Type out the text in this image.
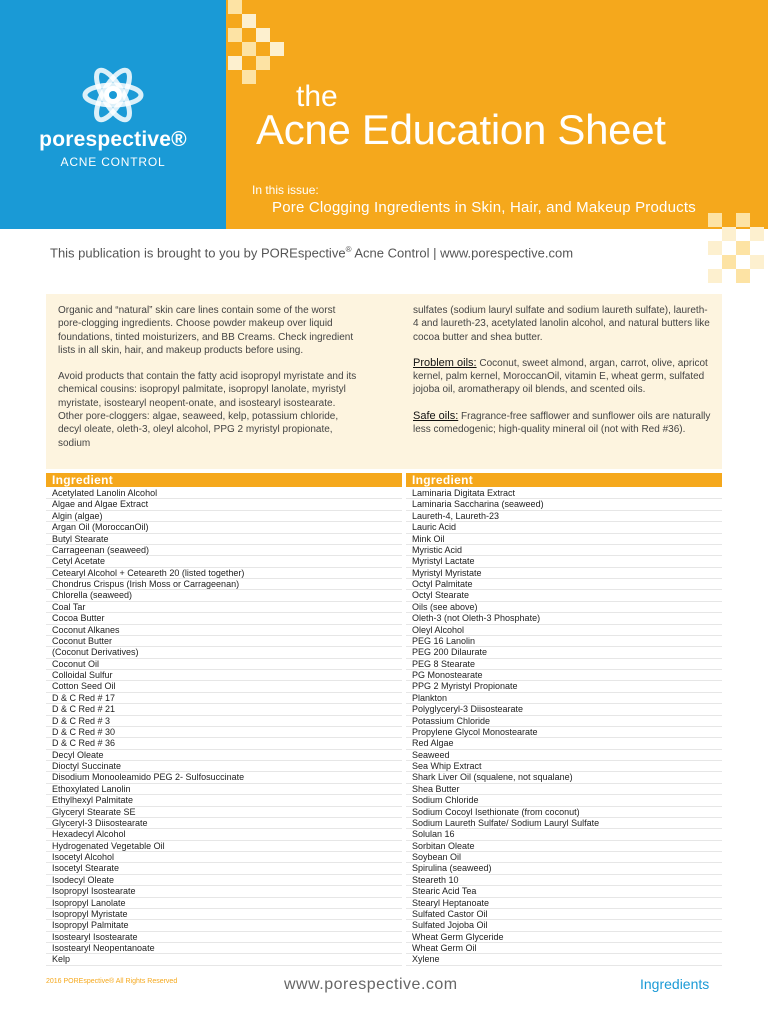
porespective®
ACNE CONTROL
the
Acne Education Sheet
In this issue:
Pore Clogging Ingredients in Skin, Hair, and Makeup Products
This publication is brought to you by POREspective® Acne Control | www.porespective.com

Organic and “natural” skin care lines contain some of the worst pore-clogging ingredients. Choose powder makeup over liquid foundations, tinted moisturizers, and BB Creams. Check ingredient lists in all skin, hair, and makeup products before using.

Avoid products that contain the fatty acid isopropyl myristate and its chemical cousins: isopropyl palmitate, isopropyl lanolate, myristyl myristate, isostearyl neopent-onate, and isostearyl isostearate. Other pore-cloggers: algae, seaweed, kelp, potassium chloride, decyl oleate, oleth-3, oleyl alcohol, PPG 2 myristyl propionate, sodium

sulfates (sodium lauryl sulfate and sodium laureth sulfate), laureth-4 and laureth-23, acetylated lanolin alcohol, and natural butters like cocoa butter and shea butter.

Problem oils: Coconut, sweet almond, argan, carrot, olive, apricot kernel, palm kernel, MoroccanOil, vitamin E, wheat germ, sulfated jojoba oil, aromatherapy oil blends, and scented oils.

Safe oils: Fragrance-free safflower and sunflower oils are naturally less comedogenic; high-quality mineral oil (not with Red #36).

Ingredient	Ingredient
Acetylated Lanolin Alcohol
Algae and Algae Extract
Algin (algae)
Argan Oil (MoroccanOil)
Butyl Stearate
Carrageenan (seaweed)
Cetyl Acetate
Cetearyl Alcohol + Ceteareth 20 (listed together)
Chondrus Crispus (Irish Moss or Carrageenan)
Chlorella (seaweed)
Coal Tar
Cocoa Butter
Coconut Alkanes
Coconut Butter
(Coconut Derivatives)
Coconut Oil
Colloidal Sulfur
Cotton Seed Oil
D & C Red # 17
D & C Red # 21
D & C Red # 3
D & C Red # 30
D & C Red # 36
Decyl Oleate
Dioctyl Succinate
Disodium Monooleamido PEG 2- Sulfosuccinate
Ethoxylated Lanolin
Ethylhexyl Palmitate
Glyceryl Stearate SE
Glyceryl-3 Diisostearate
Hexadecyl Alcohol
Hydrogenated Vegetable Oil
Isocetyl Alcohol
Isocetyl Stearate
Isodecyl Oleate
Isopropyl Isostearate
Isopropyl Lanolate
Isopropyl Myristate
Isopropyl Palmitate
Isostearyl Isostearate
Isostearyl Neopentanoate
Kelp
Laminaria Digitata Extract
Laminaria Saccharina (seaweed)
Laureth-4, Laureth-23
Lauric Acid
Mink Oil
Myristic Acid
Myristyl Lactate
Myristyl Myristate
Octyl Palmitate
Octyl Stearate
Oils (see above)
Oleth-3 (not Oleth-3 Phosphate)
Oleyl Alcohol
PEG 16 Lanolin
PEG 200 Dilaurate
PEG 8 Stearate
PG Monostearate
PPG 2 Myristyl Propionate
Plankton
Polyglyceryl-3 Diisostearate
Potassium Chloride
Propylene Glycol Monostearate
Red Algae
Seaweed
Sea Whip Extract
Shark Liver Oil (squalene, not squalane)
Shea Butter
Sodium Chloride
Sodium Cocoyl Isethionate (from coconut)
Sodium Laureth Sulfate/ Sodium Lauryl Sulfate
Solulan 16
Sorbitan Oleate
Soybean Oil
Spirulina (seaweed)
Steareth 10
Stearic Acid Tea
Stearyl Heptanoate
Sulfated Castor Oil
Sulfated Jojoba Oil
Wheat Germ Glyceride
Wheat Germ Oil
Xylene
2016 POREspective® All Rights Reserved	www.porespective.com	Ingredients
